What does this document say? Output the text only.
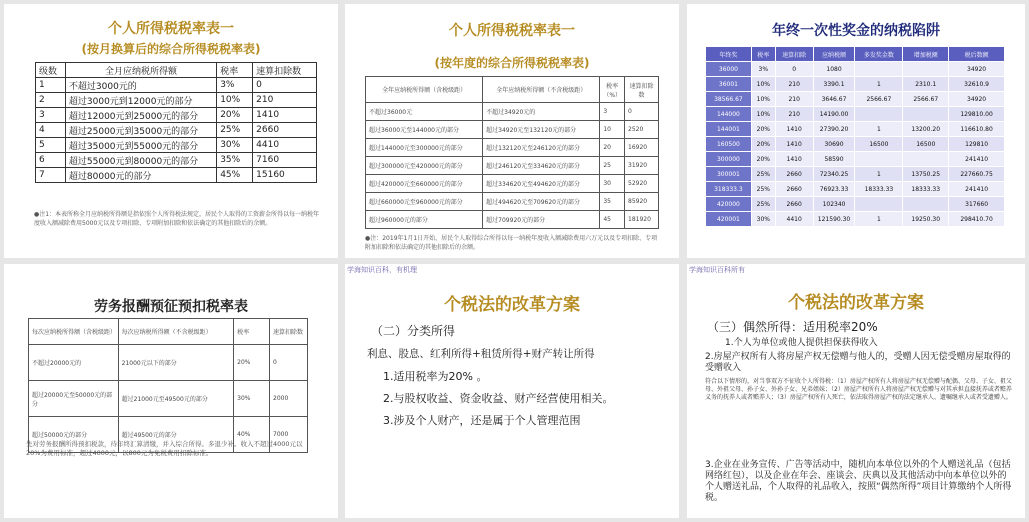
个人所得税税率表一
(按月换算后的综合所得税税率表)
级数	全月应纳税所得额	税率	速算扣除数
1	不超过3000元的	3%	0
2	超过3000元到12000元的部分	10%	210
3	超过12000元到25000元的部分	20%	1410
4	超过25000元到35000元的部分	25%	2660
5	超过35000元到55000元的部分	30%	4410
6	超过55000元到80000元的部分	35%	7160
7	超过80000元的部分	45%	15160
●注1：本表所称全月应纳税所得额是指依照个人所得税法规定，居民个人取得的工资薪金所得以每一纳税年度收入额减除费用5000元以及专项扣除、专项附加扣除和依法确定的其他扣除后的余额。
个人所得税税率表一
(按年度的综合所得税税率表)
全年应纳税所得额（含税级距）	全年应纳税所得额（不含税级距）	税率（%）	速算扣除数
不超过36000元	不超过34920元的	3	0
超过36000元至144000元的部分	超过34920元至132120元的部分	10	2520
超过144000元至300000元的部分	超过132120元至246120元的部分	20	16920
超过300000元至420000元的部分	超过246120元至334620元的部分	25	31920
超过420000元至660000元的部分	超过334620元至494620元的部分	30	52920
超过660000元至960000元的部分	超过494620元至709620元的部分	35	85920
超过960000元的部分	超过709920元的部分	45	181920
●注：2019年1月1日开始，居民个人取得综合所得以每一纳税年度收入额减除费用六万元以及专项扣除、专项附加扣除和依法确定的其他扣除后的余额。
年终一次性奖金的纳税陷阱
年终奖	税率	速算扣除	应纳税额	多发奖金数	增加税额	税后数额
36000	3%	0	1080			34920
36001	10%	210	3390.1	1	2310.1	32610.9
38566.67	10%	210	3646.67	2566.67	2566.67	34920
144000	10%	210	14190.00			129810.00
144001	20%	1410	27390.20	1	13200.20	116610.80
160500	20%	1410	30690	16500	16500	129810
300000	20%	1410	58590			241410
300001	25%	2660	72340.25	1	13750.25	227660.75
318333.3	25%	2660	76923.33	18333.33	18333.33	241410
420000	25%	2660	102340			317660
420001	30%	4410	121590.30	1	19250.30	298410.70
劳务报酬预征预扣税率表
每次应纳税所得额（含税级距）	每次应纳税所得额（不含税级距）	税率	速算扣除数
不超过20000元的	21000元以下的部分	20%	0
超过20000元至50000元的部分	超过21000元至49500元的部分	30%	2000
超过50000元的部分	超过49500元的部分	40%	7000
先对劳务报酬所得预扣税款，待年终汇算清缴，并入综合所得。多退少补。收入不超过4000元以20%为费用标准，超过4000元，以800元为免税费用扣除标准。
学海知识百科，有机理
个税法的改革方案
（二）分类所得
利息、股息、红利所得+租赁所得+财产转让所得
1.适用税率为20% 。
2.与股权收益、资金收益、财产经营使用相关。
3.涉及个人财产，还是属于个人管理范围
学海知识百科所有
个税法的改革方案
（三）偶然所得：适用税率20%
1.个人为单位或他人提供担保获得收入
2.房屋产权所有人将房屋产权无偿赠与他人的，受赠人因无偿受赠房屋取得的受赠收入
符合以下情形的，对当事双方不征收个人所得税：（1）房屋产权所有人将房屋产权无偿赠与配偶、父母、子女、祖父母、外祖父母、孙子女、外孙子女、兄弟姐妹；（2）房屋产权所有人将房屋产权无偿赠与对其承担直接抚养或者赡养义务的抚养人或者赡养人；（3）房屋产权所有人死亡，依法取得房屋产权的法定继承人、遗嘱继承人或者受遗赠人。
3.企业在业务宣传、广告等活动中，随机向本单位以外的个人赠送礼品（包括网络红包），以及企业在年会、座谈会、庆典以及其他活动中向本单位以外的个人赠送礼品，个人取得的礼品收入，按照“偶然所得”项目计算缴纳个人所得税。
